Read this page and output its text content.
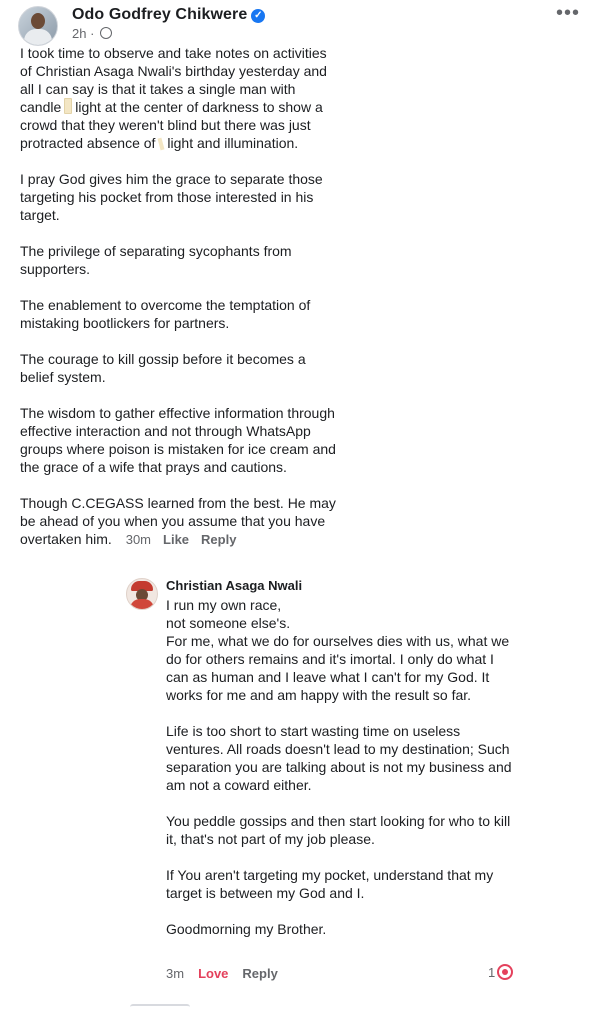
Odo Godfrey Chikwere ✓
2h ·
•••

I took time to observe and take notes on activities of Christian Asaga Nwali's birthday yesterday and all I can say is that it takes a single man with candle light at the center of darkness to show a crowd that they weren't blind but there was just protracted absence of light and illumination.

I pray God gives him the grace to separate those targeting his pocket from those interested in his target.

The privilege of separating sycophants from supporters.

The enablement to overcome the temptation of mistaking bootlickers for partners.

The courage to kill gossip before it becomes a belief system.

The wisdom to gather effective information through effective interaction and not through WhatsApp groups where poison is mistaken for ice cream and the grace of a wife that prays and cautions.

Though C.CEGASS learned from the best. He may be ahead of you when you assume that you have overtaken him. 30m Like Reply

Christian Asaga Nwali

I run my own race,
not someone else's.
For me, what we do for ourselves dies with us, what we do for others remains and it's imortal. I only do what I can as human and I leave what I can't for my God. It works for me and am happy with the result so far.

Life is too short to start wasting time on useless ventures. All roads doesn't lead to my destination; Such separation you are talking about is not my business and am not a coward either.

You peddle gossips and then start looking for who to kill it, that's not part of my job please.

If You aren't targeting my pocket, understand that my target is between my God and I.

Goodmorning my Brother.

3m Love Reply	1
